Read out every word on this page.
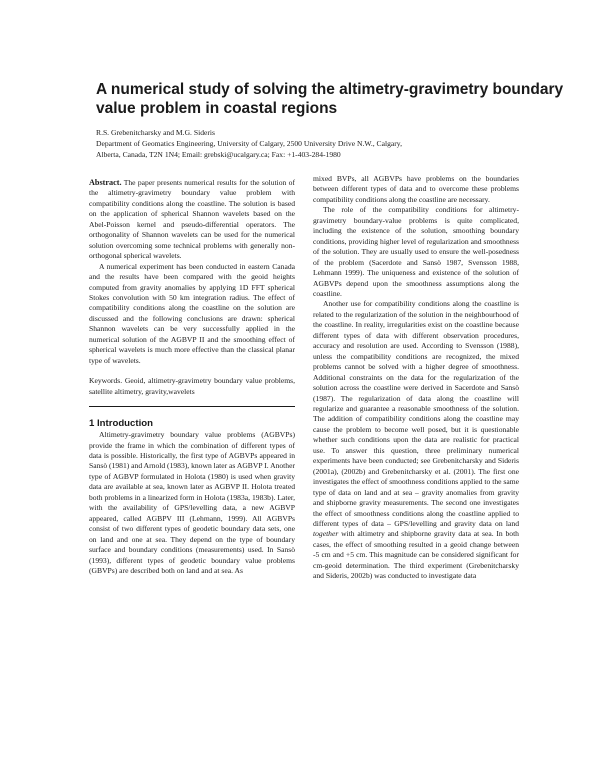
A numerical study of solving the altimetry-gravimetry boundary value problem in coastal regions
R.S. Grebenitcharsky and M.G. Sideris
Department of Geomatics Engineering, University of Calgary, 2500 University Drive N.W., Calgary,
Alberta, Canada, T2N 1N4; Email: grebski@ucalgary.ca; Fax: +1-403-284-1980

Abstract. The paper presents numerical results for the solution of the altimetry-gravimetry boundary value problem with compatibility conditions along the coastline. The solution is based on the application of spherical Shannon wavelets based on the Abel-Poisson kernel and pseudo-differential operators. The orthogonality of Shannon wavelets can be used for the numerical solution overcoming some technical problems with generally non-orthogonal spherical wavelets.

A numerical experiment has been conducted in eastern Canada and the results have been compared with the geoid heights computed from gravity anomalies by applying 1D FFT spherical Stokes convolution with 50 km integration radius. The effect of compatibility conditions along the coastline on the solution are discussed and the following conclusions are drawn: spherical Shannon wavelets can be very successfully applied in the numerical solution of the AGBVP II and the smoothing effect of spherical wavelets is much more effective than the classical planar type of wavelets.

Keywords. Geoid, altimetry-gravimetry boundary value problems, satellite altimetry, gravity,wavelets

1 Introduction

Altimetry-gravimetry boundary value problems (AGBVPs) provide the frame in which the combination of different types of data is possible. Historically, the first type of AGBVPs appeared in Sansò (1981) and Arnold (1983), known later as AGBVP I. Another type of AGBVP formulated in Holota (1980) is used when gravity data are available at sea, known later as AGBVP II. Holota treated both problems in a linearized form in Holota (1983a, 1983b). Later, with the availability of GPS/levelling data, a new AGBVP appeared, called AGBPV III (Lehmann, 1999). All AGBVPs consist of two different types of geodetic boundary data sets, one on land and one at sea. They depend on the type of boundary surface and boundary conditions (measurements) used. In Sansò (1993), different types of geodetic boundary value problems (GBVPs) are described both on land and at sea. As

mixed BVPs, all AGBVPs have problems on the boundaries between different types of data and to overcome these problems compatibility conditions along the coastline are necessary.

The role of the compatibility conditions for altimetry-gravimetry boundary-value problems is quite complicated, including the existence of the solution, smoothing boundary conditions, providing higher level of regularization and smoothness of the solution. They are usually used to ensure the well-posedness of the problem (Sacerdote and Sansò 1987, Svensson 1988, Lehmann 1999). The uniqueness and existence of the solution of AGBVPs depend upon the smoothness assumptions along the coastline.

Another use for compatibility conditions along the coastline is related to the regularization of the solution in the neighbourhood of the coastline. In reality, irregularities exist on the coastline because different types of data with different observation procedures, accuracy and resolution are used. According to Svensson (1988), unless the compatibility conditions are recognized, the mixed problems cannot be solved with a higher degree of smoothness. Additional constraints on the data for the regularization of the solution across the coastline were derived in Sacerdote and Sansò (1987). The regularization of data along the coastline will regularize and guarantee a reasonable smoothness of the solution. The addition of compatibility conditions along the coastline may cause the problem to become well posed, but it is questionable whether such conditions upon the data are realistic for practical use. To answer this question, three preliminary numerical experiments have been conducted; see Grebenitcharsky and Sideris (2001a), (2002b) and Grebenitcharsky et al. (2001). The first one investigates the effect of smoothness conditions applied to the same type of data on land and at sea – gravity anomalies from gravity and shipborne gravity measurements. The second one investigates the effect of smoothness conditions along the coastline applied to different types of data – GPS/levelling and gravity data on land together with altimetry and shipborne gravity data at sea. In both cases, the effect of smoothing resulted in a geoid change between -5 cm and +5 cm. This magnitude can be considered significant for cm-geoid determination. The third experiment (Grebenitcharsky and Sideris, 2002b) was conducted to investigate data
